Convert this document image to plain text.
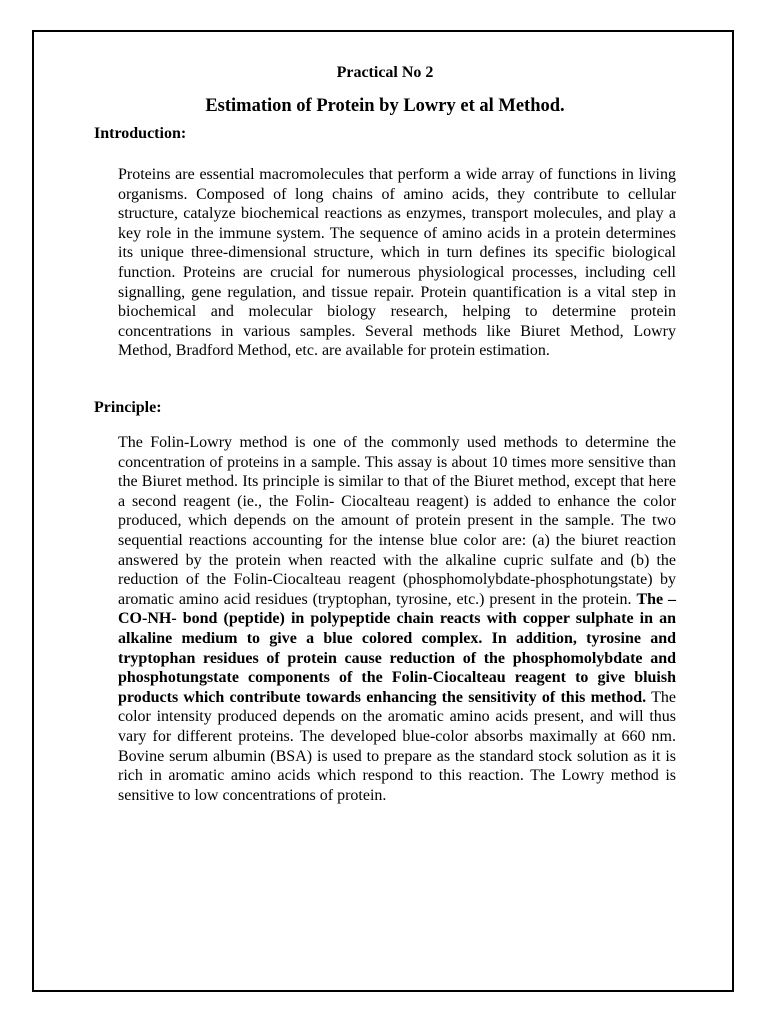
Practical No 2
Estimation of Protein by Lowry et al Method.
Introduction:

Proteins are essential macromolecules that perform a wide array of functions in living organisms. Composed of long chains of amino acids, they contribute to cellular structure, catalyze biochemical reactions as enzymes, transport molecules, and play a key role in the immune system. The sequence of amino acids in a protein determines its unique three-dimensional structure, which in turn defines its specific biological function. Proteins are crucial for numerous physiological processes, including cell signalling, gene regulation, and tissue repair. Protein quantification is a vital step in biochemical and molecular biology research, helping to determine protein concentrations in various samples. Several methods like Biuret Method, Lowry Method, Bradford Method, etc. are available for protein estimation.

Principle:

The Folin-Lowry method is one of the commonly used methods to determine the concentration of proteins in a sample. This assay is about 10 times more sensitive than the Biuret method. Its principle is similar to that of the Biuret method, except that here a second reagent (ie., the Folin- Ciocalteau reagent) is added to enhance the color produced, which depends on the amount of protein present in the sample. The two sequential reactions accounting for the intense blue color are: (a) the biuret reaction answered by the protein when reacted with the alkaline cupric sulfate and (b) the reduction of the Folin-Ciocalteau reagent (phosphomolybdate-phosphotungstate) by aromatic amino acid residues (tryptophan, tyrosine, etc.) present in the protein. The –CO-NH- bond (peptide) in polypeptide chain reacts with copper sulphate in an alkaline medium to give a blue colored complex. In addition, tyrosine and tryptophan residues of protein cause reduction of the phosphomolybdate and phosphotungstate components of the Folin-Ciocalteau reagent to give bluish products which contribute towards enhancing the sensitivity of this method. The color intensity produced depends on the aromatic amino acids present, and will thus vary for different proteins. The developed blue-color absorbs maximally at 660 nm. Bovine serum albumin (BSA) is used to prepare as the standard stock solution as it is rich in aromatic amino acids which respond to this reaction. The Lowry method is sensitive to low concentrations of protein.
